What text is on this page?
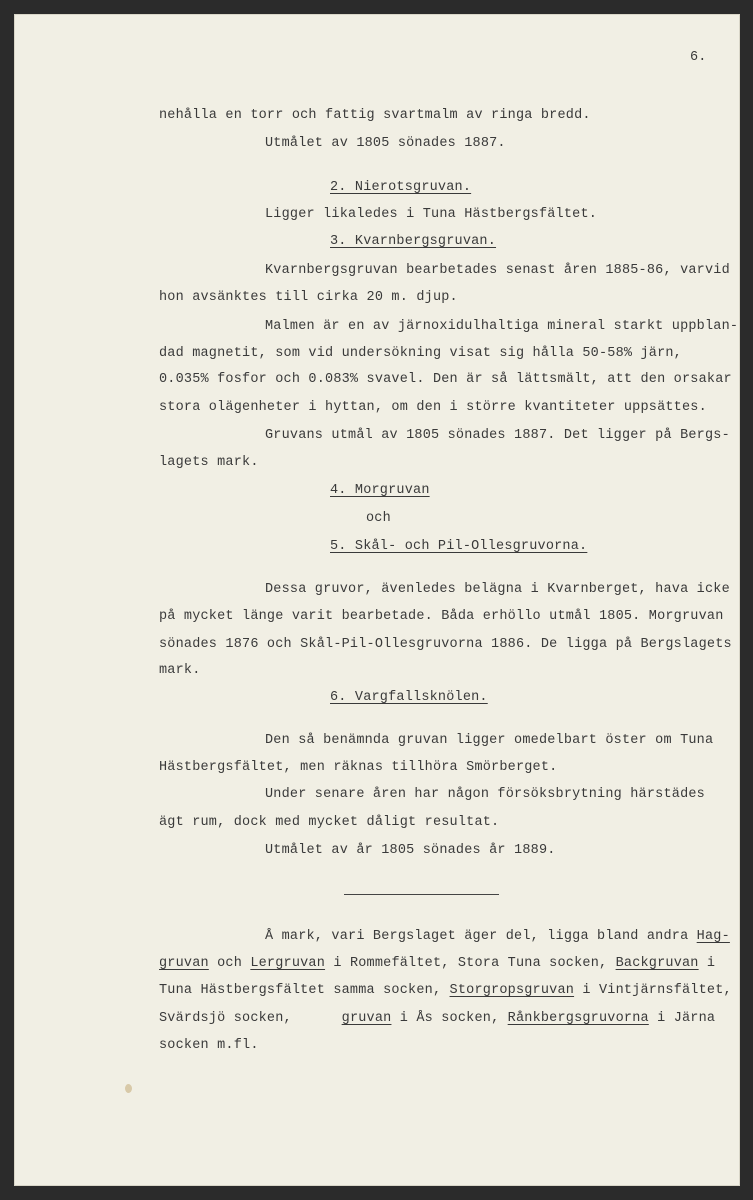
6.
nehålla en torr och fattig svartmalm av ringa bredd.
Utmålet av 1805 sönades 1887.
2. Nierotsgruvan.
Ligger likaledes i Tuna Hästbergsfältet.
3. Kvarnbergsgruvan.
Kvarnbergsgruvan bearbetades senast åren 1885-86, varvid
hon avsänktes till cirka 20 m. djup.
Malmen är en av järnoxidulhaltiga mineral starkt uppblan-
dad magnetit, som vid undersökning visat sig hålla 50-58% järn,
0.035% fosfor och 0.083% svavel. Den är så lättsmält, att den orsakar
stora olägenheter i hyttan, om den i större kvantiteter uppsättes.
Gruvans utmål av 1805 sönades 1887. Det ligger på Bergs-
lagets mark.
4. Morgruvan
och
5. Skål- och Pil-Ollesgruvorna.
Dessa gruvor, ävenledes belägna i Kvarnberget, hava icke
på mycket länge varit bearbetade. Båda erhöllo utmål 1805. Morgruvan
sönades 1876 och Skål-Pil-Ollesgruvorna 1886. De ligga på Bergslagets
mark.
6. Vargfallsknölen.
Den så benämnda gruvan ligger omedelbart öster om Tuna
Hästbergsfältet, men räknas tillhöra Smörberget.
Under senare åren har någon försöksbrytning härstädes
ägt rum, dock med mycket dåligt resultat.
Utmålet av år 1805 sönades år 1889.
Å mark, vari Bergslaget äger del, ligga bland andra Hag-
gruvan och Lergruvan i Rommefältet, Stora Tuna socken, Backgruvan i
Tuna Hästbergsfältet samma socken, Storgropsgruvan i Vintjärnsfältet,
Svärdsjö socken,      gruvan i Ås socken, Rånkbergsgruvorna i Järna
socken m.fl.
